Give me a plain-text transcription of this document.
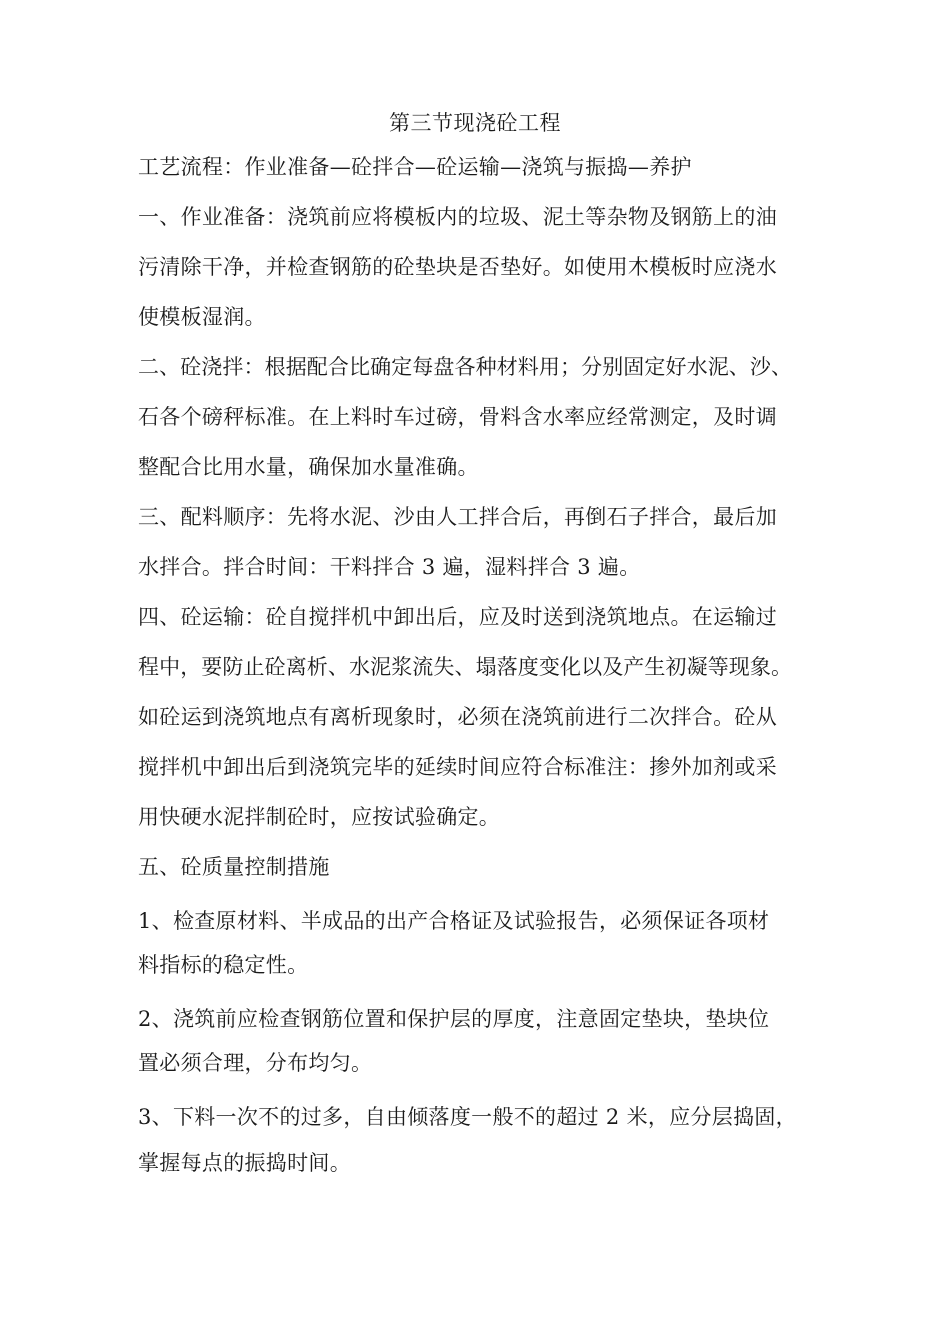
第三节现浇砼工程
工艺流程：作业准备—砼拌合—砼运输—浇筑与振捣—养护
一、作业准备：浇筑前应将模板内的垃圾、泥土等杂物及钢筋上的油
污清除干净，并检查钢筋的砼垫块是否垫好。如使用木模板时应浇水
使模板湿润。
二、砼浇拌：根据配合比确定每盘各种材料用；分别固定好水泥、沙、
石各个磅秤标准。在上料时车过磅，骨料含水率应经常测定，及时调
整配合比用水量，确保加水量准确。
三、配料顺序：先将水泥、沙由人工拌合后，再倒石子拌合，最后加
水拌合。拌合时间：干料拌合 3 遍，湿料拌合 3 遍。
四、砼运输：砼自搅拌机中卸出后，应及时送到浇筑地点。在运输过
程中，要防止砼离析、水泥浆流失、塌落度变化以及产生初凝等现象。
如砼运到浇筑地点有离析现象时，必须在浇筑前进行二次拌合。砼从
搅拌机中卸出后到浇筑完毕的延续时间应符合标准注：掺外加剂或采
用快硬水泥拌制砼时，应按试验确定。
五、砼质量控制措施
1、检查原材料、半成品的出产合格证及试验报告，必须保证各项材
料指标的稳定性。
2、浇筑前应检查钢筋位置和保护层的厚度，注意固定垫块，垫块位
置必须合理，分布均匀。
3、下料一次不的过多，自由倾落度一般不的超过 2 米，应分层捣固，
掌握每点的振捣时间。
